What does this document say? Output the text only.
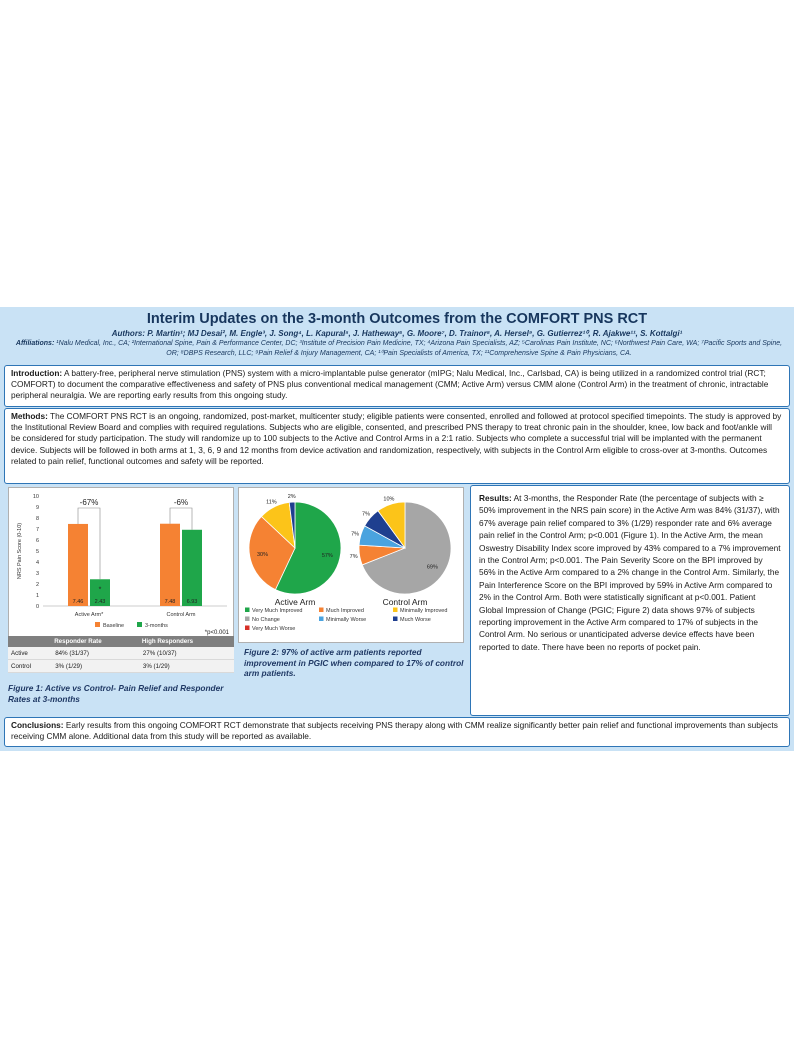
Interim Updates on the 3-month Outcomes from the COMFORT PNS RCT
Authors: P. Martin¹; MJ Desai², M. Engle³, J. Song⁴, L. Kapural⁵, J. Hatheway⁶, G. Moore⁷, D. Trainor⁸, A. Hersel⁹, G. Gutierrez¹⁰, R. Ajakwe¹¹, S. Kottalgi¹
Affiliations: ¹Nalu Medical, Inc., CA; ²International Spine, Pain & Performance Center, DC; ³Institute of Precision Pain Medicine, TX; ⁴Arizona Pain Specialists, AZ; ⁵Carolinas Pain Institute, NC; ⁶Northwest Pain Care, WA; ⁷Pacific Sports and Spine, OR; ⁸DBPS Research, LLC; ⁹Pain Relief & Injury Management, CA; ¹⁰Pain Specialists of America, TX; ¹¹Comprehensive Spine & Pain Physicians, CA.
Introduction: A battery-free, peripheral nerve stimulation (PNS) system with a micro-implantable pulse generator (mIPG; Nalu Medical, Inc., Carlsbad, CA) is being utilized in a randomized control trial (RCT; COMFORT) to document the comparative effectiveness and safety of PNS plus conventional medical management (CMM; Active Arm) versus CMM alone (Control Arm) in the treatment of chronic, intractable peripheral neuralgia. We are reporting early results from this ongoing study.
Methods: The COMFORT PNS RCT is an ongoing, randomized, post-market, multicenter study; eligible patients were consented, enrolled and followed at protocol specified timepoints. The study is approved by the Institutional Review Board and complies with required regulations. Subjects who are eligible, consented, and prescribed PNS therapy to treat chronic pain in the shoulder, knee, low back and foot/ankle will be considered for study participation. The study will randomize up to 100 subjects to the Active and Control Arms in a 2:1 ratio. Subjects who complete a successful trial will be implanted with the permanent device. Subjects will be followed in both arms at 1, 3, 6, 9 and 12 months from device activation and randomization, respectively, with subjects in the Control Arm eligible to cross-over at 3-months. Outcomes related to pain relief, functional outcomes and safety will be reported.
0
1
2
3
4
5
6
7
8
9
10
NRS Pain Score (0-10)
7.46 2.43
Active Arm*
-67%
7.48 6.93
Control Arm
-6%
*
Baseline	3-months
*p<0.001
	Responder Rate	High Responders
Active	84% (31/37)	27% (10/37)
Control	3% (1/29)	3% (1/29)
Figure 1: Active vs Control- Pain Relief and Responder Rates at 3-months
57%
30%
11%
2%
Active Arm
69%
7%
7%
7%
10%
Control Arm
Very Much Improved	Much Improved	Minimally Improved
No Change	Minimally Worse	Much Worse
Very Much Worse
Figure 2: 97% of active arm patients reported improvement in PGIC when compared to 17% of control arm patients.
Results: At 3-months, the Responder Rate (the percentage of subjects with ≥ 50% improvement in the NRS pain score) in the Active Arm was 84% (31/37), with 67% average pain relief compared to 3% (1/29) responder rate and 6% average pain relief in the Control Arm; p<0.001 (Figure 1). In the Active Arm, the mean Oswestry Disability Index score improved by 43% compared to a 7% improvement in the Control Arm; p<0.001. The Pain Severity Score on the BPI improved by 56% in the Active Arm compared to a 2% change in the Control Arm. Similarly, the Pain Interference Score on the BPI improved by 59% in Active Arm compared to 2% in the Control Arm. Both were statistically significant at p<0.001. Patient Global Impression of Change (PGIC; Figure 2) data shows 97% of subjects reporting improvement in the Active Arm compared to 17% of subjects in the Control Arm. No serious or unanticipated adverse device effects have been reported to date. There have been no reports of pocket pain.
Conclusions: Early results from this ongoing COMFORT RCT demonstrate that subjects receiving PNS therapy along with CMM realize significantly better pain relief and functional improvements than subjects receiving CMM alone. Additional data from this study will be reported as available.
